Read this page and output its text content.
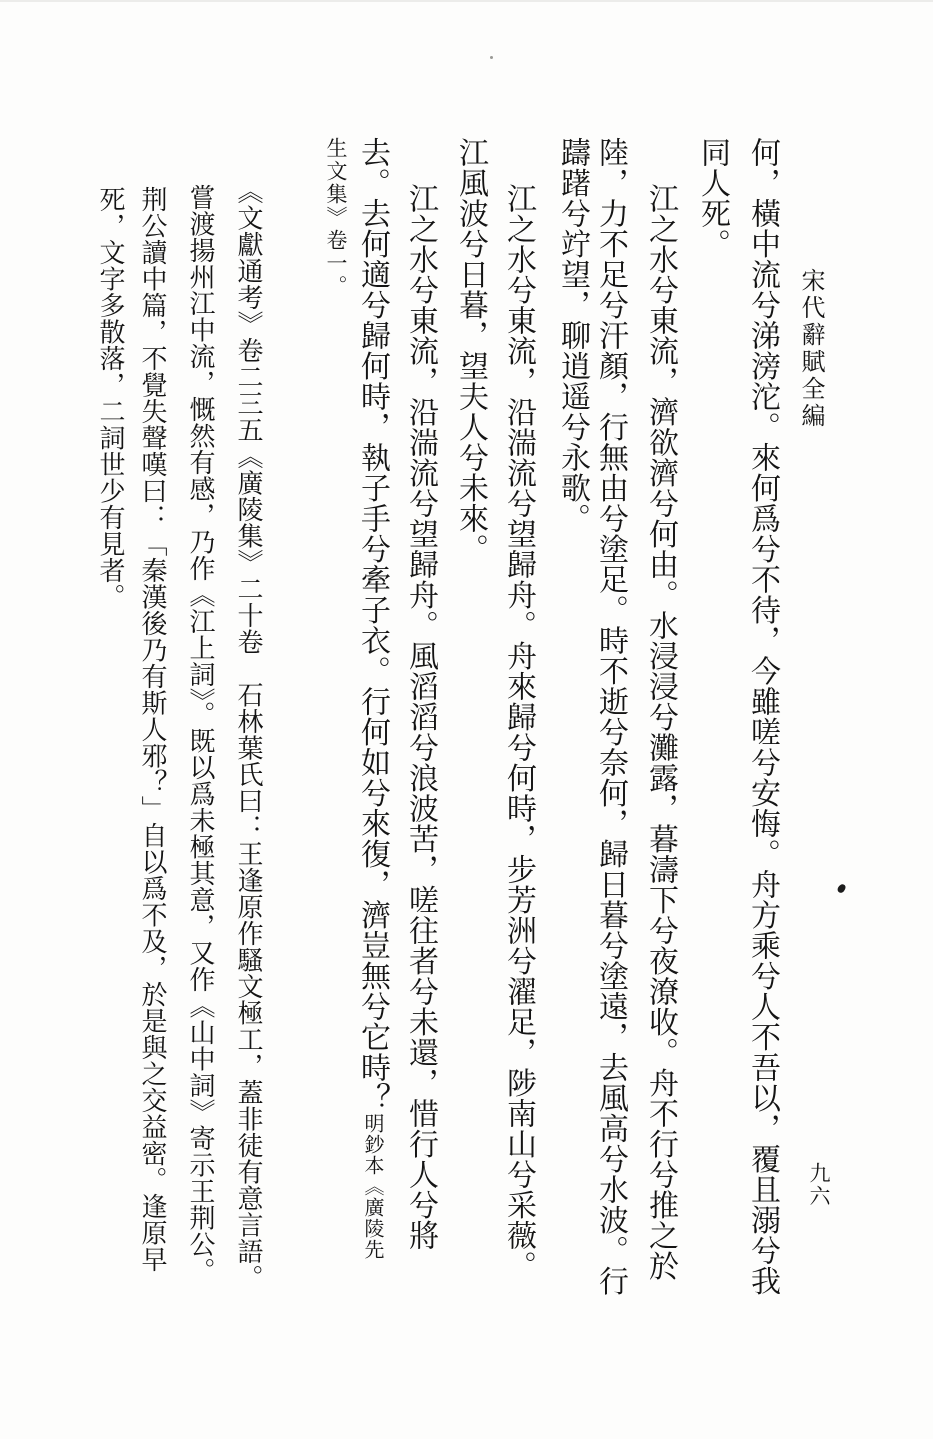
宋代辭賦全編
九六
何，橫中流兮涕滂沱。來何爲兮不待，今雖嗟兮安悔。舟方乘兮人不吾以，覆且溺兮我
同人死。
江之水兮東流，濟欲濟兮何由。水浸浸兮灘露，暮濤下兮夜潦收。舟不行兮推之於
陸，力不足兮汗顏，行無由兮塗足。時不逝兮奈何，歸日暮兮塗遠，去風高兮水波。行
躊躇兮竚望，聊逍遥兮永歌。
江之水兮東流，沿湍流兮望歸舟。舟來歸兮何時，步芳洲兮濯足，陟南山兮采薇。
江風波兮日暮，望夫人兮未來。
江之水兮東流，沿湍流兮望歸舟。風滔滔兮浪波苦，嗟往者兮未還，惜行人兮將
去。去何適兮歸何時，執子手兮牽子衣。行何如兮來復，濟豈無兮它時？明鈔本《廣陵先
生文集》卷一。
《文獻通考》卷二三五《廣陵集》二十卷　石林葉氏曰：王逢原作騷文極工，蓋非徒有意言語。
嘗渡揚州江中流，慨然有感，乃作《江上詞》。既以爲未極其意，又作《山中詞》寄示王荆公。
荆公讀中篇，不覺失聲嘆曰：「秦漢後乃有斯人邪？」自以爲不及，於是與之交益密。逢原早
死，文字多散落，二詞世少有見者。
